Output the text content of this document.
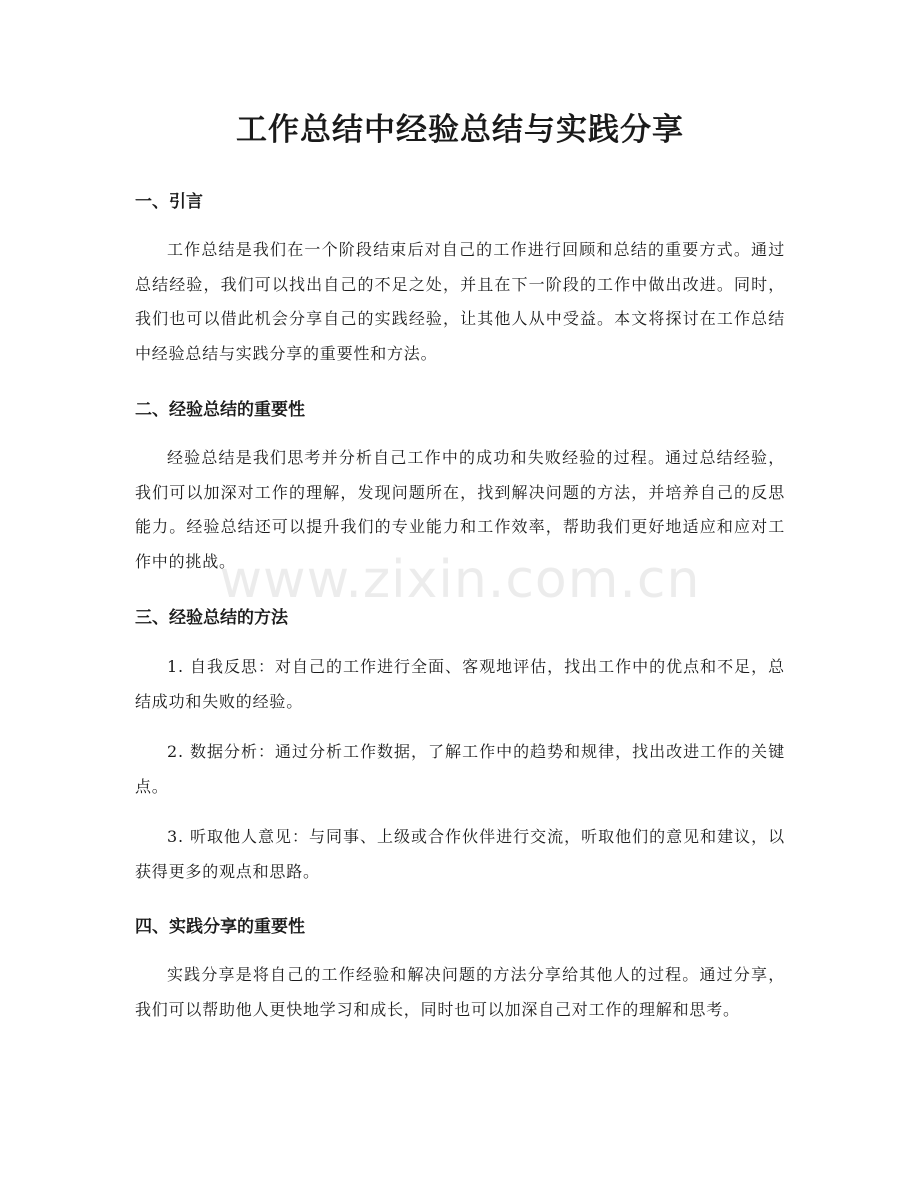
工作总结中经验总结与实践分享
一、引言

工作总结是我们在一个阶段结束后对自己的工作进行回顾和总结的重要方式。通过总结经验，我们可以找出自己的不足之处，并且在下一阶段的工作中做出改进。同时，我们也可以借此机会分享自己的实践经验，让其他人从中受益。本文将探讨在工作总结中经验总结与实践分享的重要性和方法。

二、经验总结的重要性

经验总结是我们思考并分析自己工作中的成功和失败经验的过程。通过总结经验，我们可以加深对工作的理解，发现问题所在，找到解决问题的方法，并培养自己的反思能力。经验总结还可以提升我们的专业能力和工作效率，帮助我们更好地适应和应对工作中的挑战。

三、经验总结的方法

1. 自我反思：对自己的工作进行全面、客观地评估，找出工作中的优点和不足，总结成功和失败的经验。

2. 数据分析：通过分析工作数据，了解工作中的趋势和规律，找出改进工作的关键点。

3. 听取他人意见：与同事、上级或合作伙伴进行交流，听取他们的意见和建议，以获得更多的观点和思路。

四、实践分享的重要性

实践分享是将自己的工作经验和解决问题的方法分享给其他人的过程。通过分享，我们可以帮助他人更快地学习和成长，同时也可以加深自己对工作的理解和思考。

www.zixin.com.cn
